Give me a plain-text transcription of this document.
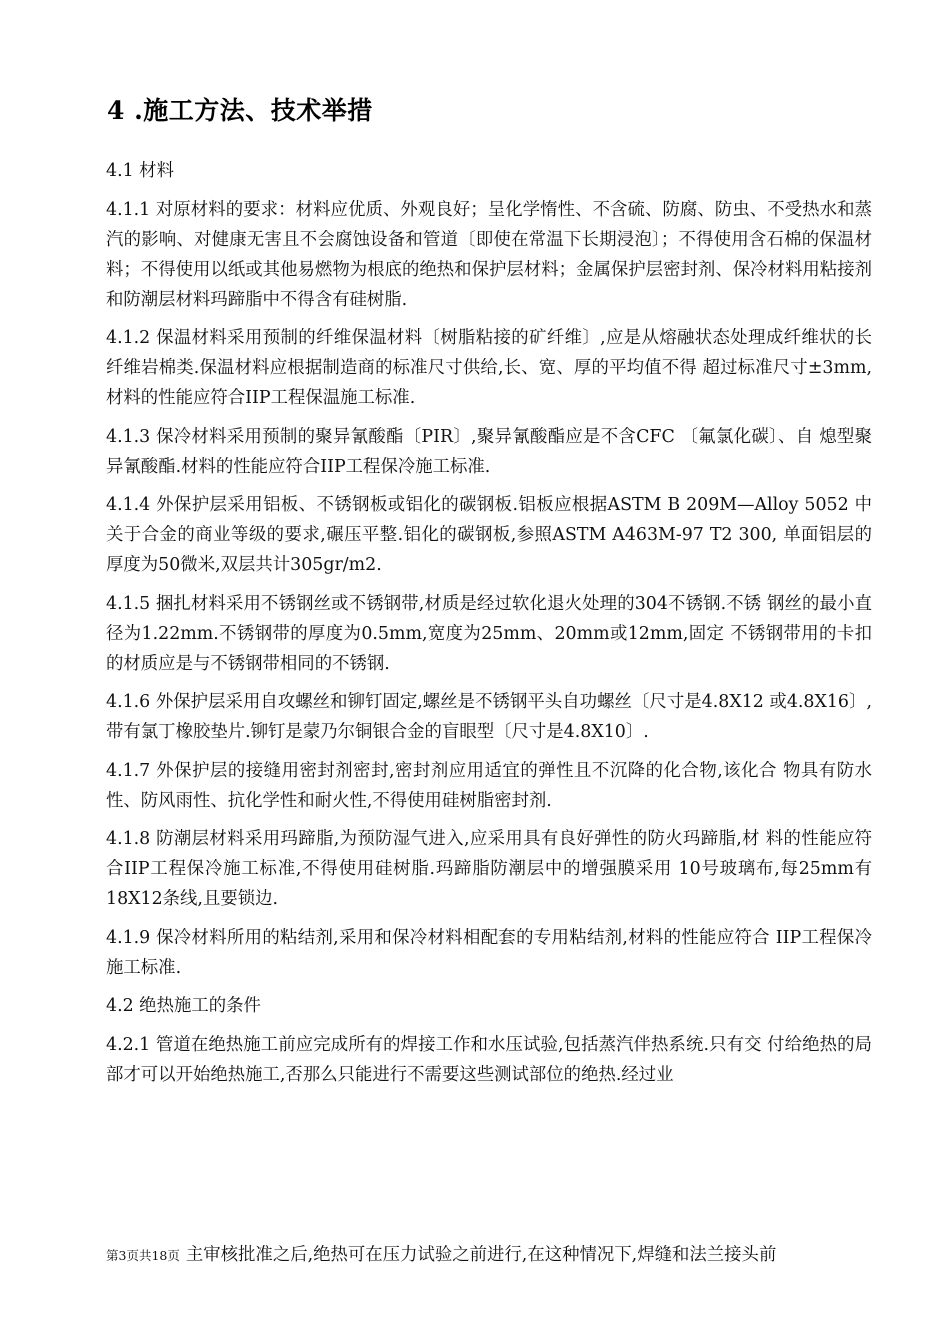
4 .施工方法、技术举措

4.1 材料

4.1.1 对原材料的要求：材料应优质、外观良好；呈化学惰性、不含硫、防腐、防虫、不受热水和蒸汽的影响、对健康无害且不会腐蚀设备和管道〔即使在常温下长期浸泡〕；不得使用含石棉的保温材料；不得使用以纸或其他易燃物为根底的绝热和保护层材料；金属保护层密封剂、保冷材料用粘接剂和防潮层材料玛蹄脂中不得含有硅树脂.

4.1.2 保温材料采用预制的纤维保温材料〔树脂粘接的矿纤维〕,应是从熔融状态处理成纤维状的长纤维岩棉类.保温材料应根据制造商的标准尺寸供给,长、宽、厚的平均值不得 超过标准尺寸±3mm,材料的性能应符合IIP工程保温施工标准.

4.1.3 保冷材料采用预制的聚异氰酸酯〔PIR〕,聚异氰酸酯应是不含CFC 〔氟氯化碳〕、自 熄型聚异氰酸酯.材料的性能应符合IIP工程保冷施工标准.

4.1.4 外保护层采用铝板、不锈钢板或铝化的碳钢板.铝板应根据ASTM B 209M—Alloy 5052 中关于合金的商业等级的要求,碾压平整.铝化的碳钢板,参照ASTM A463M-97 T2 300, 单面铝层的厚度为50微米,双层共计305gr/m2.

4.1.5 捆扎材料采用不锈钢丝或不锈钢带,材质是经过软化退火处理的304不锈钢.不锈 钢丝的最小直径为1.22mm.不锈钢带的厚度为0.5mm,宽度为25mm、20mm或12mm,固定 不锈钢带用的卡扣的材质应是与不锈钢带相同的不锈钢.

4.1.6 外保护层采用自攻螺丝和铆钉固定,螺丝是不锈钢平头自功螺丝〔尺寸是4.8X12 或4.8X16〕,带有氯丁橡胶垫片.铆钉是蒙乃尔铜银合金的盲眼型〔尺寸是4.8X10〕.

4.1.7 外保护层的接缝用密封剂密封,密封剂应用适宜的弹性且不沉降的化合物,该化合 物具有防水性、防风雨性、抗化学性和耐火性,不得使用硅树脂密封剂.

4.1.8 防潮层材料采用玛蹄脂,为预防湿气进入,应采用具有良好弹性的防火玛蹄脂,材 料的性能应符合IIP工程保冷施工标准,不得使用硅树脂.玛蹄脂防潮层中的增强膜采用 10号玻璃布,每25mm有18X12条线,且要锁边.

4.1.9 保冷材料所用的粘结剂,采用和保冷材料相配套的专用粘结剂,材料的性能应符合 IIP工程保冷施工标准.

4.2 绝热施工的条件

4.2.1 管道在绝热施工前应完成所有的焊接工作和水压试验,包括蒸汽伴热系统.只有交 付给绝热的局部才可以开始绝热施工,否那么只能进行不需要这些测试部位的绝热.经过业

第3页共18页 主审核批准之后,绝热可在压力试验之前进行,在这种情况下,焊缝和法兰接头前
